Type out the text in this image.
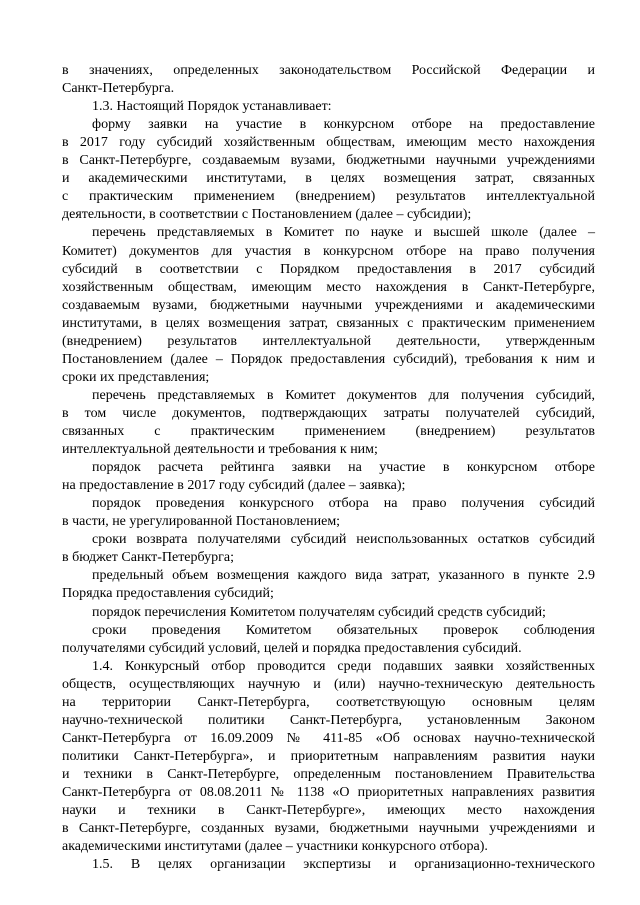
в значениях, определенных законодательством Российской Федерации и
Санкт-Петербурга.
1.3. Настоящий Порядок устанавливает:
форму заявки на участие в конкурсном отборе на предоставление
в 2017 году субсидий хозяйственным обществам, имеющим место нахождения
в Санкт-Петербурге, создаваемым вузами, бюджетными научными учреждениями
и академическими институтами, в целях возмещения затрат, связанных
с практическим применением (внедрением) результатов интеллектуальной
деятельности, в соответствии с Постановлением (далее – субсидии);
перечень представляемых в Комитет по науке и высшей школе (далее –
Комитет) документов для участия в конкурсном отборе на право получения
субсидий в соответствии с Порядком предоставления в 2017 субсидий
хозяйственным обществам, имеющим место нахождения в Санкт-Петербурге,
создаваемым вузами, бюджетными научными учреждениями и академическими
институтами, в целях возмещения затрат, связанных с практическим применением
(внедрением) результатов интеллектуальной деятельности, утвержденным
Постановлением (далее – Порядок предоставления субсидий), требования к ним и
сроки их представления;
перечень представляемых в Комитет документов для получения субсидий,
в том числе документов, подтверждающих затраты получателей субсидий,
связанных с практическим применением (внедрением) результатов
интеллектуальной деятельности и требования к ним;
порядок расчета рейтинга заявки на участие в конкурсном отборе
на предоставление в 2017 году субсидий (далее – заявка);
порядок проведения конкурсного отбора на право получения субсидий
в части, не урегулированной Постановлением;
сроки возврата получателями субсидий неиспользованных остатков субсидий
в бюджет Санкт-Петербурга;
предельный объем возмещения каждого вида затрат, указанного в пункте 2.9
Порядка предоставления субсидий;
порядок перечисления Комитетом получателям субсидий средств субсидий;
сроки проведения Комитетом обязательных проверок соблюдения
получателями субсидий условий, целей и порядка предоставления субсидий.
1.4. Конкурсный отбор проводится среди подавших заявки хозяйственных
обществ, осуществляющих научную и (или) научно-техническую деятельность
на территории Санкт-Петербурга, соответствующую основным целям
научно-технической политики Санкт-Петербурга, установленным Законом
Санкт-Петербурга от 16.09.2009 № 411-85 «Об основах научно-технической
политики Санкт-Петербурга», и приоритетным направлениям развития науки
и техники в Санкт-Петербурге, определенным постановлением Правительства
Санкт-Петербурга от 08.08.2011 № 1138 «О приоритетных направлениях развития
науки и техники в Санкт-Петербурге», имеющих место нахождения
в Санкт-Петербурге, созданных вузами, бюджетными научными учреждениями и
академическими институтами (далее – участники конкурсного отбора).
1.5. В целях организации экспертизы и организационно-технического
